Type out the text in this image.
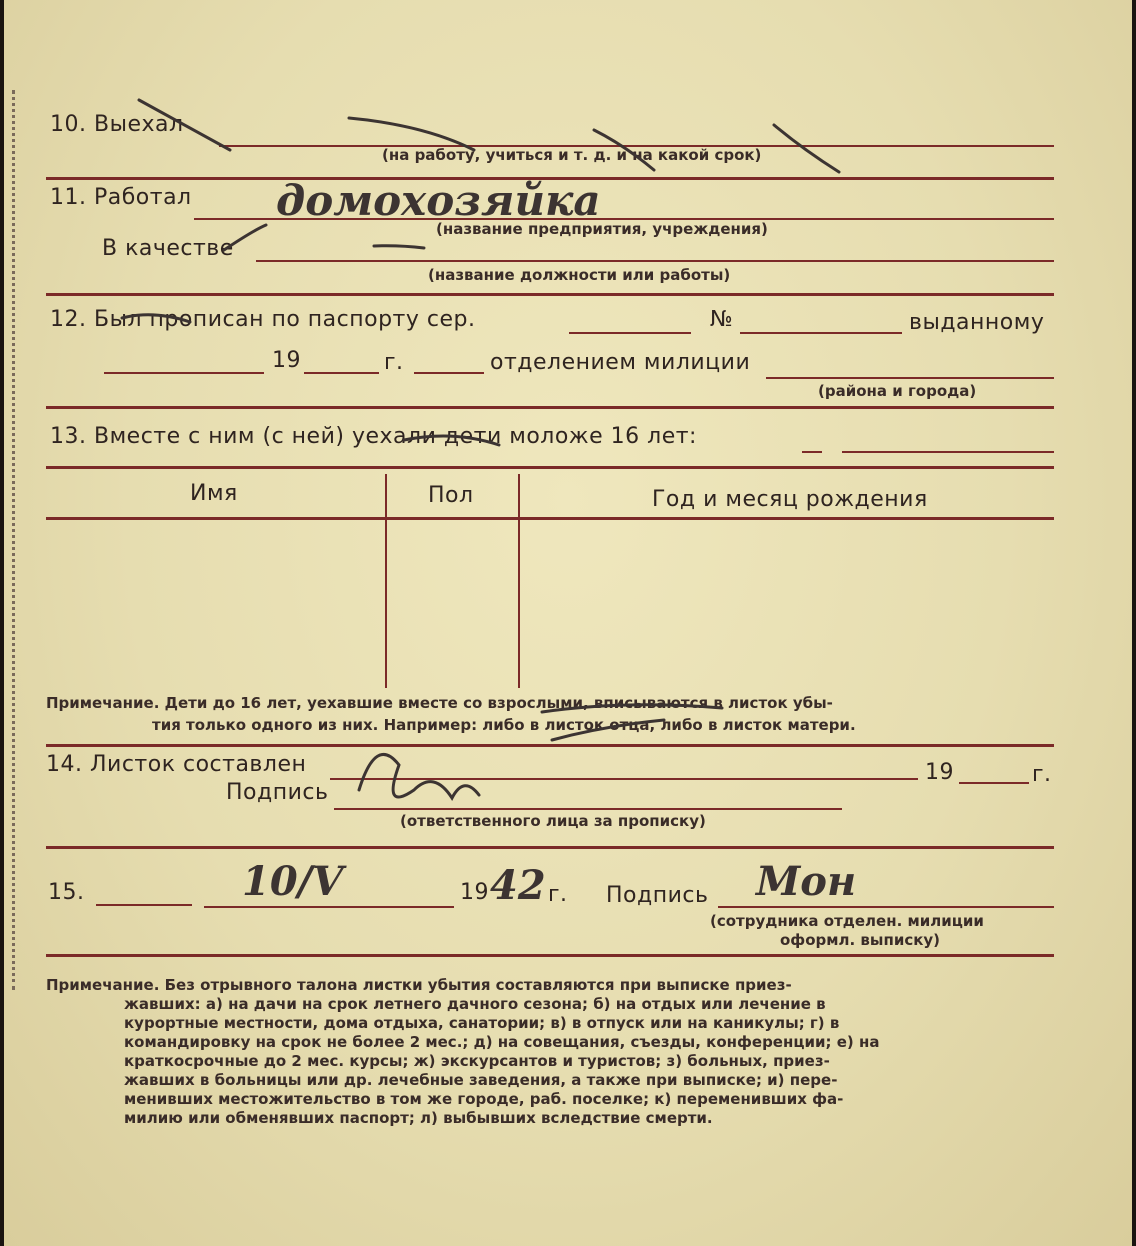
10. Выехал
(на работу, учиться и т. д. и на какой срок)
11. Работал домохозяйка
(название предприятия, учреждения)
В качестве
(название должности или работы)
12. Был прописан по паспорту сер.	№	выданному
19	г.	отделением милиции
(района и города)
13. Вместе с ним (с ней) уехали дети моложе 16 лет:
Имя	Пол	Год и месяц рождения
Примечание. Дети до 16 лет, уехавшие вместе со взрослыми, вписываются в листок убы-
тия только одного из них. Например: либо в листок отца, либо в листок матери.
14. Листок составлен	19	г.
Подпись
(ответственного лица за прописку)
15.	10/V	19 42 г. Подпись Мон
(сотрудника отделен. милиции
оформл. выписку)
Примечание. Без отрывного талона листки убытия составляются при выписке приез-
жавших: а) на дачи на срок летнего дачного сезона; б) на отдых или лечение в
курортные местности, дома отдыха, санатории; в) в отпуск или на каникулы; г) в
командировку на срок не более 2 мес.; д) на совещания, съезды, конференции; е) на
краткосрочные до 2 мес. курсы; ж) экскурсантов и туристов; з) больных, приез-
жавших в больницы или др. лечебные заведения, а также при выписке; и) пере-
менивших местожительство в том же городе, раб. поселке; к) переменивших фа-
милию или обменявших паспорт; л) выбывших вследствие смерти.
